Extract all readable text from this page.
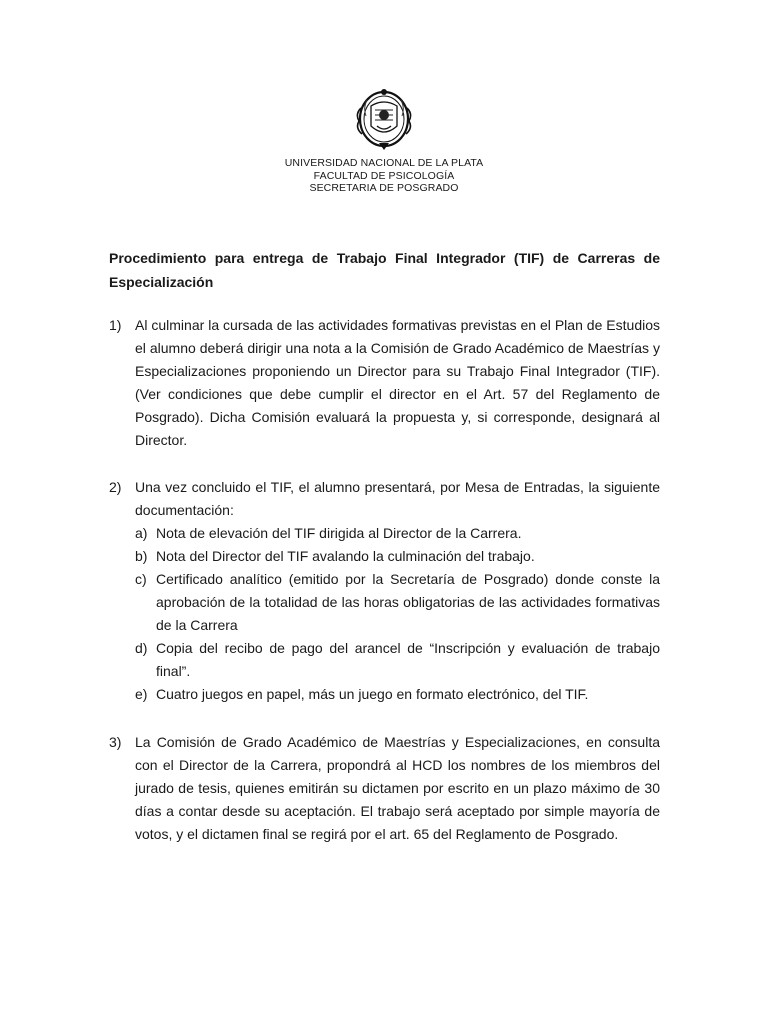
UNIVERSIDAD NACIONAL DE LA PLATA
FACULTAD DE PSICOLOGÍA
SECRETARIA DE POSGRADO
Procedimiento para entrega de Trabajo Final Integrador (TIF) de Carreras de Especialización
1) Al culminar la cursada de las actividades formativas previstas en el Plan de Estudios el alumno deberá dirigir una nota a la Comisión de Grado Académico de Maestrías y Especializaciones proponiendo un Director para su Trabajo Final Integrador (TIF). (Ver condiciones que debe cumplir el director en el Art. 57 del Reglamento de Posgrado). Dicha Comisión evaluará la propuesta y, si corresponde, designará al Director.
2) Una vez concluido el TIF, el alumno presentará, por Mesa de Entradas, la siguiente documentación:
a) Nota de elevación del TIF dirigida al Director de la Carrera.
b) Nota del Director del TIF avalando la culminación del trabajo.
c) Certificado analítico (emitido por la Secretaría de Posgrado) donde conste la aprobación de la totalidad de las horas obligatorias de las actividades formativas de la Carrera
d) Copia del recibo de pago del arancel de “Inscripción y evaluación de trabajo final”.
e) Cuatro juegos en papel, más un juego en formato electrónico, del TIF.
3) La Comisión de Grado Académico de Maestrías y Especializaciones, en consulta con el Director de la Carrera, propondrá al HCD los nombres de los miembros del jurado de tesis, quienes emitirán su dictamen por escrito en un plazo máximo de 30 días a contar desde su aceptación. El trabajo será aceptado por simple mayoría de votos, y el dictamen final se regirá por el art. 65 del Reglamento de Posgrado.
